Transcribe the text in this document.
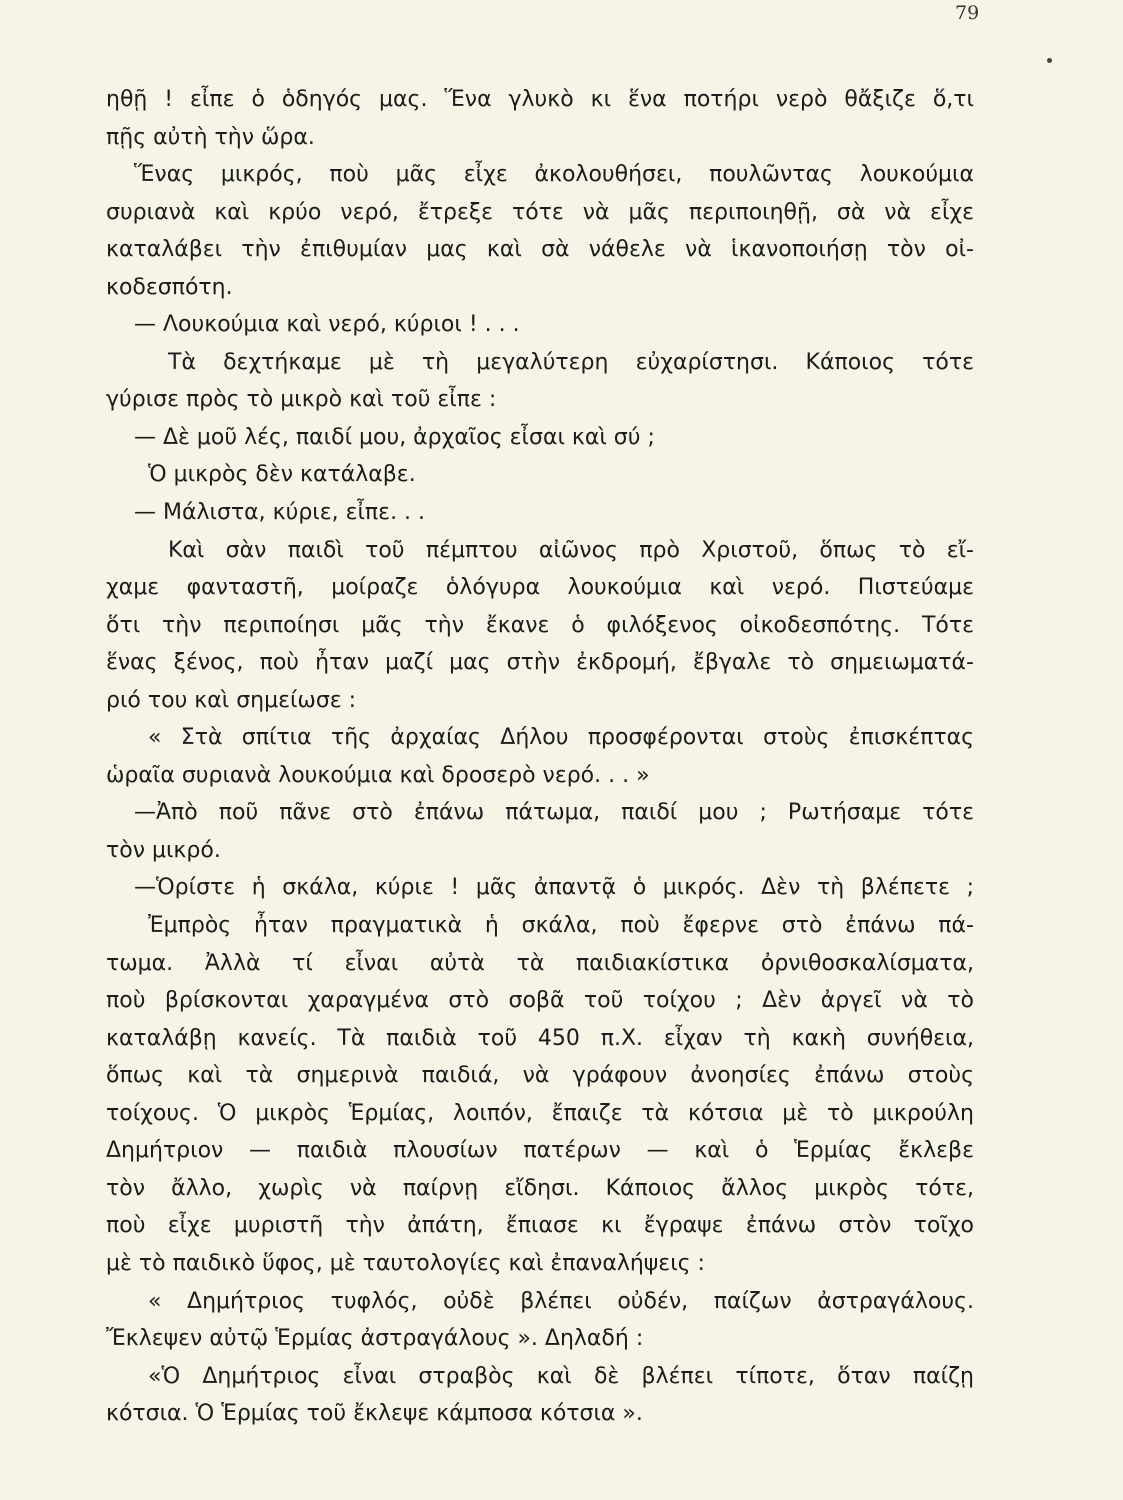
79
ηθῇ ! εἶπε ὁ ὁδηγός μας. Ἕνα γλυκὸ κι ἕνα ποτήρι νερὸ θἄξιζε ὅ,τι
πῇς αὐτὴ τὴν ὥρα.
Ἕνας μικρός, ποὺ μᾶς εἶχε ἀκολουθήσει, πουλῶντας λουκούμια
συριανὰ καὶ κρύο νερό, ἔτρεξε τότε νὰ μᾶς περιποιηθῇ, σὰ νὰ εἶχε
καταλάβει τὴν ἐπιθυμίαν μας καὶ σὰ νάθελε νὰ ἱκανοποιήσῃ τὸν οἰ-
κοδεσπότη.
— Λουκούμια καὶ νερό, κύριοι ! . . .
Τὰ δεχτήκαμε μὲ τὴ μεγαλύτερη εὐχαρίστησι. Κάποιος τότε
γύρισε πρὸς τὸ μικρὸ καὶ τοῦ εἶπε :
— Δὲ μοῦ λές, παιδί μου, ἀρχαῖος εἶσαι καὶ σύ ;
Ὁ μικρὸς δὲν κατάλαβε.
— Μάλιστα, κύριε, εἶπε. . .
Καὶ σὰν παιδὶ τοῦ πέμπτου αἰῶνος πρὸ Χριστοῦ, ὅπως τὸ εἴ-
χαμε φανταστῆ, μοίραζε ὁλόγυρα λουκούμια καὶ νερό. Πιστεύαμε
ὅτι τὴν περιποίησι μᾶς τὴν ἔκανε ὁ φιλόξενος οἰκοδεσπότης. Τότε
ἕνας ξένος, ποὺ ἦταν μαζί μας στὴν ἐκδρομή, ἔβγαλε τὸ σημειωματά-
ριό του καὶ σημείωσε :
« Στὰ σπίτια τῆς ἀρχαίας Δήλου προσφέρονται στοὺς ἐπισκέπτας
ὡραῖα συριανὰ λουκούμια καὶ δροσερὸ νερό. . . »
—Ἀπὸ ποῦ πᾶνε στὸ ἐπάνω πάτωμα, παιδί μου ; Ρωτήσαμε τότε
τὸν μικρό.
—Ὁρίστε ἡ σκάλα, κύριε ! μᾶς ἀπαντᾷ ὁ μικρός. Δὲν τὴ βλέπετε ;
Ἐμπρὸς ἦταν πραγματικὰ ἡ σκάλα, ποὺ ἔφερνε στὸ ἐπάνω πά-
τωμα. Ἀλλὰ τί εἶναι αὐτὰ τὰ παιδιακίστικα ὀρνιθοσκαλίσματα,
ποὺ βρίσκονται χαραγμένα στὸ σοβᾶ τοῦ τοίχου ; Δὲν ἀργεῖ νὰ τὸ
καταλάβῃ κανείς. Τὰ παιδιὰ τοῦ 450 π.Χ. εἶχαν τὴ κακὴ συνήθεια,
ὅπως καὶ τὰ σημερινὰ παιδιά, νὰ γράφουν ἀνοησίες ἐπάνω στοὺς
τοίχους. Ὁ μικρὸς Ἑρμίας, λοιπόν, ἔπαιζε τὰ κότσια μὲ τὸ μικρούλη
Δημήτριον — παιδιὰ πλουσίων πατέρων — καὶ ὁ Ἑρμίας ἔκλεβε
τὸν ἄλλο, χωρὶς νὰ παίρνῃ εἴδησι. Κάποιος ἄλλος μικρὸς τότε,
ποὺ εἶχε μυριστῆ τὴν ἀπάτη, ἔπιασε κι ἔγραψε ἐπάνω στὸν τοῖχο
μὲ τὸ παιδικὸ ὕφος, μὲ ταυτολογίες καὶ ἐπαναλήψεις :
« Δημήτριος τυφλός, οὐδὲ βλέπει οὐδέν, παίζων ἀστραγάλους.
Ἔκλεψεν αὐτῷ Ἑρμίας ἀστραγάλους ». Δηλαδή :
«Ὁ Δημήτριος εἶναι στραβὸς καὶ δὲ βλέπει τίποτε, ὅταν παίζῃ
κότσια. Ὁ Ἑρμίας τοῦ ἔκλεψε κάμποσα κότσια ».
